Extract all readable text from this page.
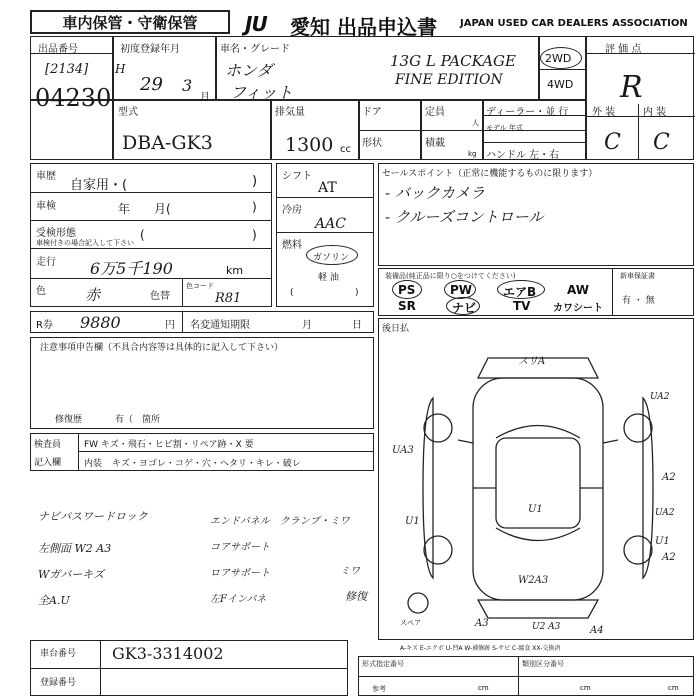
車内保管・守衛保管 JU 愛知 出品申込書 JAPAN USED CAR DEALERS ASSOCIATION
出品番号
[2134]
04230
初度登録年月
H
29 3
月
車名・グレード
ホンダ
フィット
13G L PACKAGE
FINE EDITION
2WD
4WD
評 価 点
R
型式
DBA-GK3
排気量
1300 cc
ドア	定員
人
形状	積載
kg
ディーラー・並 行
モデル 年式
ハンドル 左・右
外 装	内 装
C C
車歴
自家用・(	)
車検	年　　月(	)
受検形態
車検付きの場合記入して下さい
(	)
走行 6万5千190	km
色	赤	色替
色コード
R81
R券 9880	円 名変通知期限	月	日
シフト
AT
冷房
AAC
燃料
ガソリン
軽 油
(	)
セールスポイント（正常に機能するものに限ります）
- バックカメラ
- クルーズコントロール
装備品(純正品に限り○をつけてください)
PS	PW	エアB	AW
SR	ナビ	TV カワシート
新車保証書
有 ・ 無
注意事項申告欄（不具合内容等は具体的に記入して下さい）
修復歴	有（　箇所
検査員
記入欄
FW キズ・飛石・ヒビ割・リペア跡・X 要
内装 キズ・ヨゴレ・コゲ・穴・ヘタリ・キレ・破レ
ナビパスワードロック
左側面 W2 A3
Wガバーキズ
全A.U
エンドパネル　クランプ・ミワ
コアサポート
ロアサポート
左Fインパネ
ミワ
修復
後日払
スリA
UA2
UA3
A2
U1
U1	UA2
A2
U1
W2A3
A3	U2 A3	A4
スペア
A-キズ E-エクボ U-凹A W-補修跡 S-サビ C-腐食 XX-交換済
車台番号 GK3-3314002
登録番号
形式指定番号	類別区分番号
参考	cm	cm	cm
